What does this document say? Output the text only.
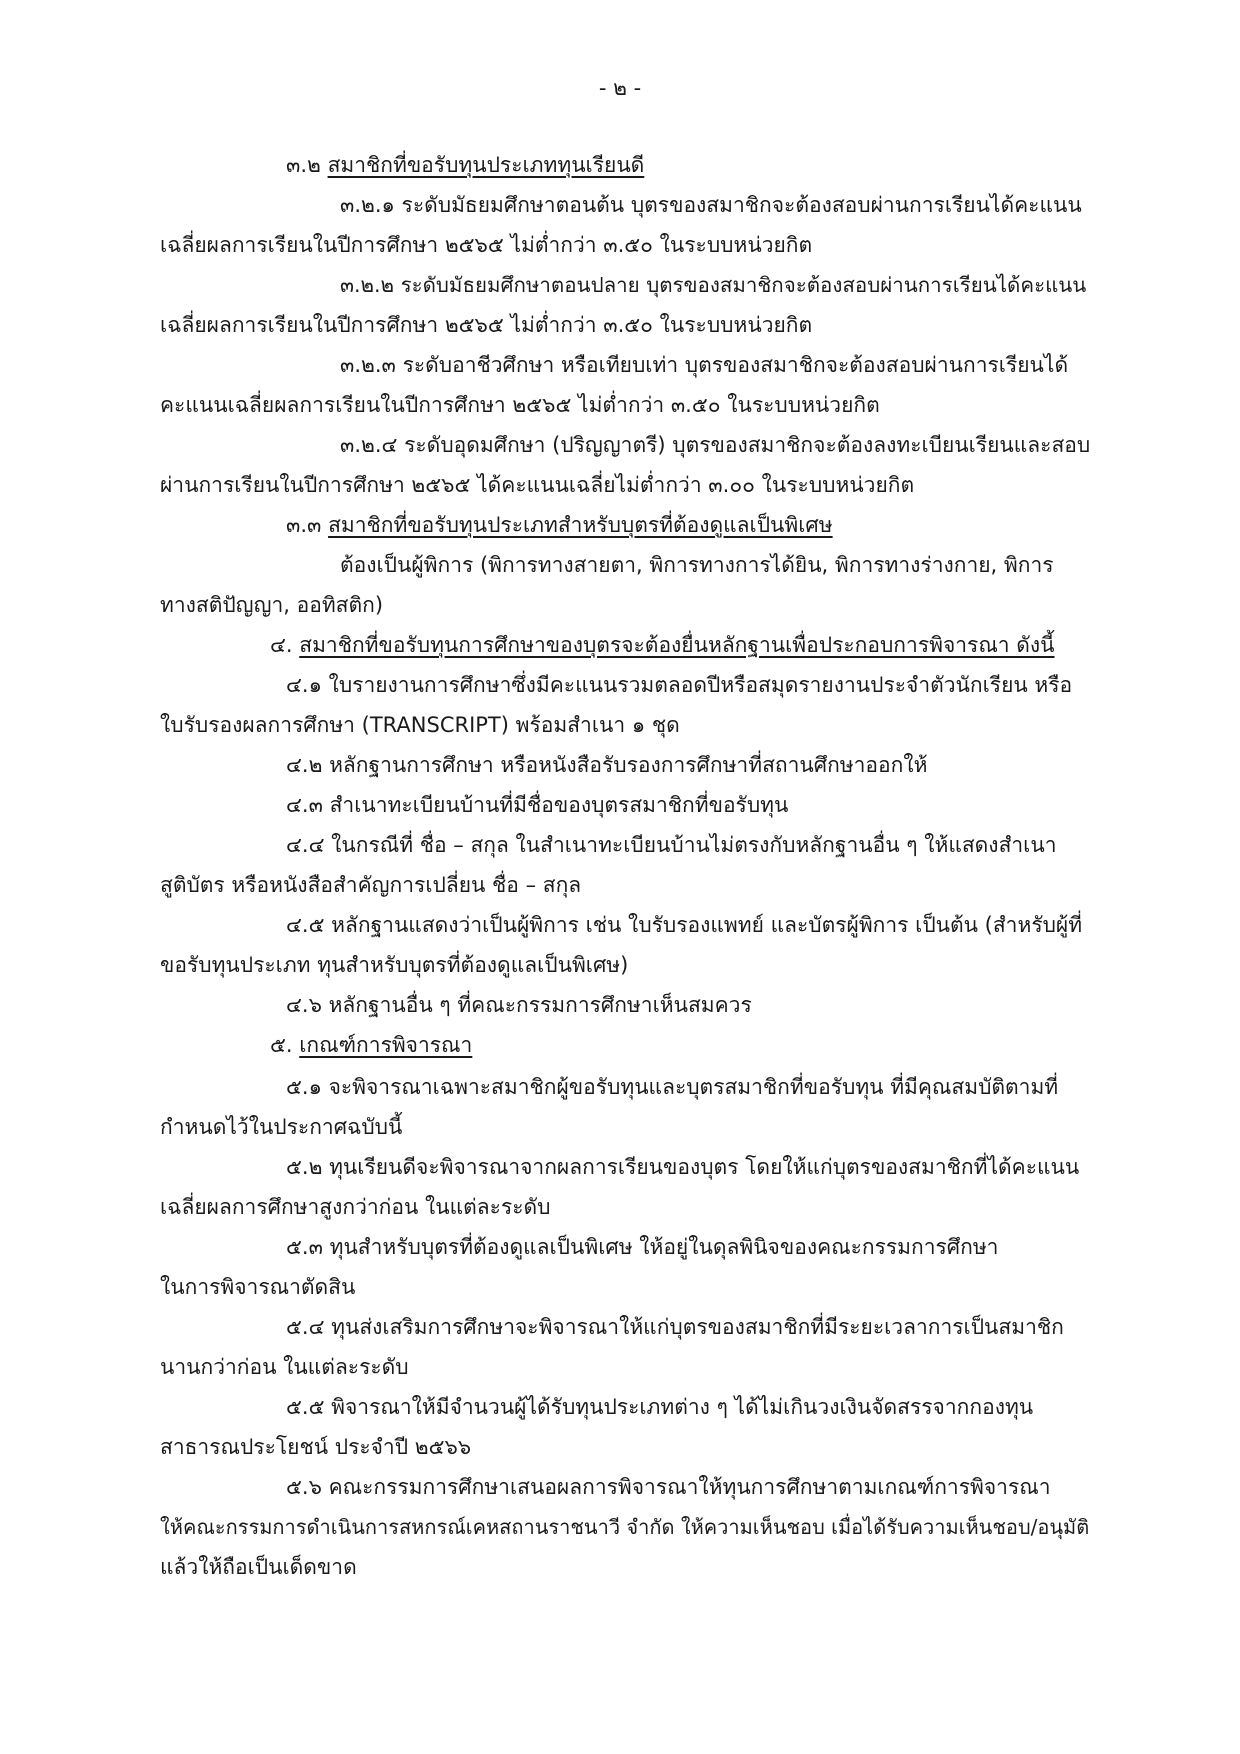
- ๒ -
๓.๒ สมาชิกที่ขอรับทุนประเภททุนเรียนดี
๓.๒.๑ ระดับมัธยมศึกษาตอนต้น บุตรของสมาชิกจะต้องสอบผ่านการเรียนได้คะแนน
เฉลี่ยผลการเรียนในปีการศึกษา ๒๕๖๕ ไม่ต่ำกว่า ๓.๕๐ ในระบบหน่วยกิต
๓.๒.๒ ระดับมัธยมศึกษาตอนปลาย บุตรของสมาชิกจะต้องสอบผ่านการเรียนได้คะแนน
เฉลี่ยผลการเรียนในปีการศึกษา ๒๕๖๕ ไม่ต่ำกว่า ๓.๕๐ ในระบบหน่วยกิต
๓.๒.๓ ระดับอาชีวศึกษา หรือเทียบเท่า บุตรของสมาชิกจะต้องสอบผ่านการเรียนได้
คะแนนเฉลี่ยผลการเรียนในปีการศึกษา ๒๕๖๕ ไม่ต่ำกว่า ๓.๕๐ ในระบบหน่วยกิต
๓.๒.๔ ระดับอุดมศึกษา (ปริญญาตรี) บุตรของสมาชิกจะต้องลงทะเบียนเรียนและสอบ
ผ่านการเรียนในปีการศึกษา ๒๕๖๕ ได้คะแนนเฉลี่ยไม่ต่ำกว่า ๓.๐๐ ในระบบหน่วยกิต
๓.๓ สมาชิกที่ขอรับทุนประเภทสำหรับบุตรที่ต้องดูแลเป็นพิเศษ
ต้องเป็นผู้พิการ (พิการทางสายตา, พิการทางการได้ยิน, พิการทางร่างกาย, พิการ
ทางสติปัญญา, ออทิสติก)
๔. สมาชิกที่ขอรับทุนการศึกษาของบุตรจะต้องยื่นหลักฐานเพื่อประกอบการพิจารณา ดังนี้
๔.๑ ใบรายงานการศึกษาซึ่งมีคะแนนรวมตลอดปีหรือสมุดรายงานประจำตัวนักเรียน หรือ
ใบรับรองผลการศึกษา (TRANSCRIPT) พร้อมสำเนา ๑ ชุด
๔.๒ หลักฐานการศึกษา หรือหนังสือรับรองการศึกษาที่สถานศึกษาออกให้
๔.๓ สำเนาทะเบียนบ้านที่มีชื่อของบุตรสมาชิกที่ขอรับทุน
๔.๔ ในกรณีที่ ชื่อ – สกุล ในสำเนาทะเบียนบ้านไม่ตรงกับหลักฐานอื่น ๆ ให้แสดงสำเนา
สูติบัตร หรือหนังสือสำคัญการเปลี่ยน ชื่อ – สกุล
๔.๕ หลักฐานแสดงว่าเป็นผู้พิการ เช่น ใบรับรองแพทย์ และบัตรผู้พิการ เป็นต้น (สำหรับผู้ที่
ขอรับทุนประเภท ทุนสำหรับบุตรที่ต้องดูแลเป็นพิเศษ)
๔.๖ หลักฐานอื่น ๆ ที่คณะกรรมการศึกษาเห็นสมควร
๕. เกณฑ์การพิจารณา
๕.๑ จะพิจารณาเฉพาะสมาชิกผู้ขอรับทุนและบุตรสมาชิกที่ขอรับทุน ที่มีคุณสมบัติตามที่
กำหนดไว้ในประกาศฉบับนี้
๕.๒ ทุนเรียนดีจะพิจารณาจากผลการเรียนของบุตร โดยให้แก่บุตรของสมาชิกที่ได้คะแนน
เฉลี่ยผลการศึกษาสูงกว่าก่อน ในแต่ละระดับ
๕.๓ ทุนสำหรับบุตรที่ต้องดูแลเป็นพิเศษ ให้อยู่ในดุลพินิจของคณะกรรมการศึกษา
ในการพิจารณาตัดสิน
๕.๔ ทุนส่งเสริมการศึกษาจะพิจารณาให้แก่บุตรของสมาชิกที่มีระยะเวลาการเป็นสมาชิก
นานกว่าก่อน ในแต่ละระดับ
๕.๕ พิจารณาให้มีจำนวนผู้ได้รับทุนประเภทต่าง ๆ ได้ไม่เกินวงเงินจัดสรรจากกองทุน
สาธารณประโยชน์ ประจำปี ๒๕๖๖
๕.๖ คณะกรรมการศึกษาเสนอผลการพิจารณาให้ทุนการศึกษาตามเกณฑ์การพิจารณา
ให้คณะกรรมการดำเนินการสหกรณ์เคหสถานราชนาวี จำกัด ให้ความเห็นชอบ เมื่อได้รับความเห็นชอบ/อนุมัติ
แล้วให้ถือเป็นเด็ดขาด
